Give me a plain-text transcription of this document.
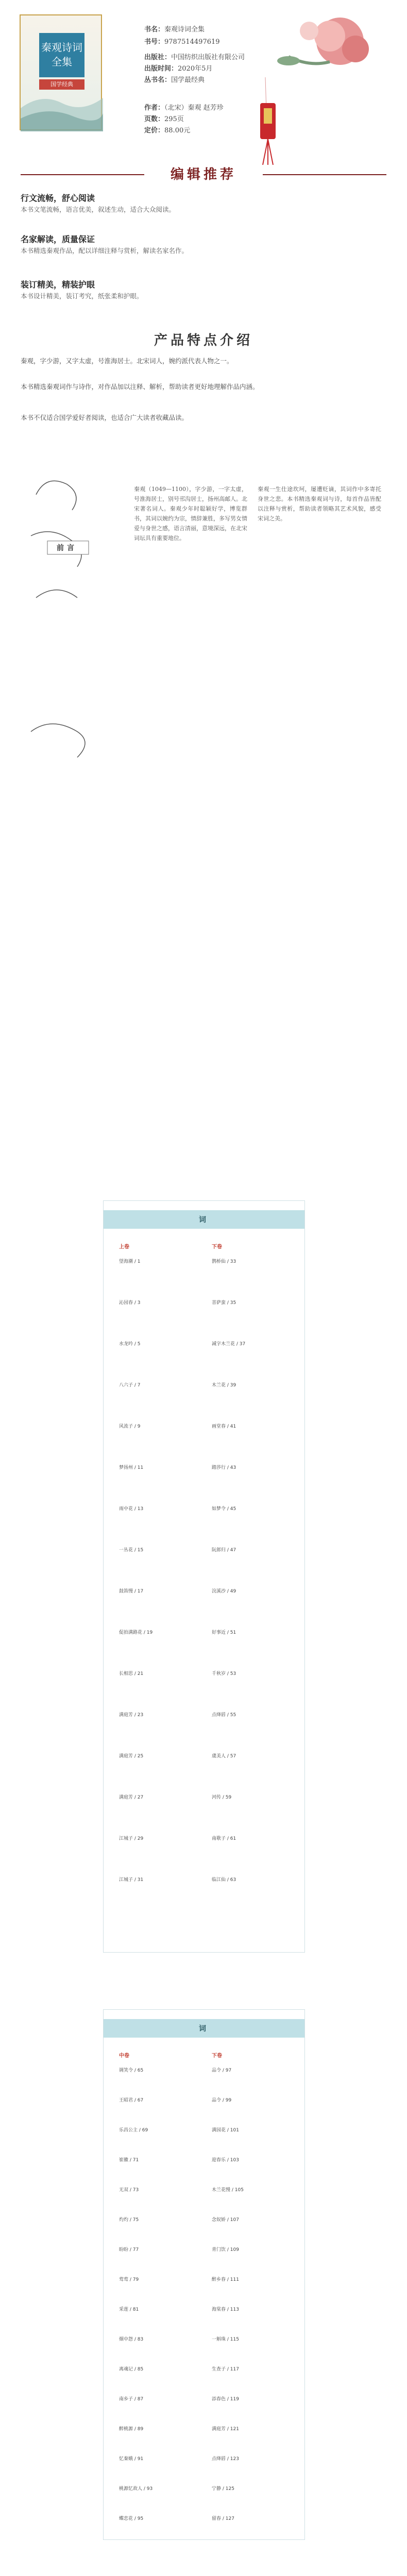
秦观诗词全集
国学经典
书名：秦观诗词全集
书号：9787514497619
出版社：中国纺织出版社有限公司
出版时间：2020年5月
丛书名：国学最经典
作者：（北宋）秦观 赵芳珍
页数：295页
定价：88.00元
编辑推荐
行文流畅，舒心阅读
本书文笔流畅，语言优美，叙述生动，适合大众阅读。
名家解读，质量保证
本书精选秦观作品，配以详细注释与赏析，解读名家名作。
装订精美，精装护眼
本书设计精美，装订考究，纸张柔和护眼。
产品特点介绍
秦观，字少游，又字太虚，号淮海居士。北宋词人，婉约派代表人物之一。
本书精选秦观词作与诗作，对作品加以注释、解析，帮助读者更好地理解作品内涵。
本书不仅适合国学爱好者阅读，也适合广大读者收藏品读。
前言
秦观（1049—1100），字少游，一字太虚，号淮海居士，别号邗沟居士，扬州高邮人。北宋著名词人。秦观少年时聪颖好学，博览群书，其词以婉约为宗，情辞兼胜，多写男女情爱与身世之感，语言清丽，意境深远，在北宋词坛具有重要地位。
秦观一生仕途坎坷，屡遭贬谪，其词作中多寄托身世之悲。本书精选秦观词与诗，每首作品皆配以注释与赏析，帮助读者领略其艺术风貌，感受宋词之美。
词
上卷	下卷
望海潮 / 1
沁园春 / 3
水龙吟 / 5
八六子 / 7
风流子 / 9
梦扬州 / 11
雨中花 / 13
一丛花 / 15
鼓笛慢 / 17
促拍满路花 / 19
长相思 / 21
满庭芳 / 23
满庭芳 / 25
满庭芳 / 27
江城子 / 29
江城子 / 31
鹊桥仙 / 33
菩萨蛮 / 35
减字木兰花 / 37
木兰花 / 39
画堂春 / 41
踏莎行 / 43
如梦令 / 45
阮郎归 / 47
浣溪沙 / 49
好事近 / 51
千秋岁 / 53
点绛唇 / 55
虞美人 / 57
河传 / 59
南歌子 / 61
临江仙 / 63
词
中卷	下卷
调笑令 / 65
王昭君 / 67
乐昌公主 / 69
崔徽 / 71
无双 / 73
灼灼 / 75
盼盼 / 77
莺莺 / 79
采莲 / 81
烟中怨 / 83
离魂记 / 85
南乡子 / 87
醉桃源 / 89
忆秦娥 / 91
桃源忆故人 / 93
蝶恋花 / 95
品令 / 97
品令 / 99
满园花 / 101
迎春乐 / 103
木兰花慢 / 105
念奴娇 / 107
青门饮 / 109
醉乡春 / 111
海棠春 / 113
一斛珠 / 115
生查子 / 117
添春色 / 119
满庭芳 / 121
点绛唇 / 123
宁静 / 125
留春 / 127
